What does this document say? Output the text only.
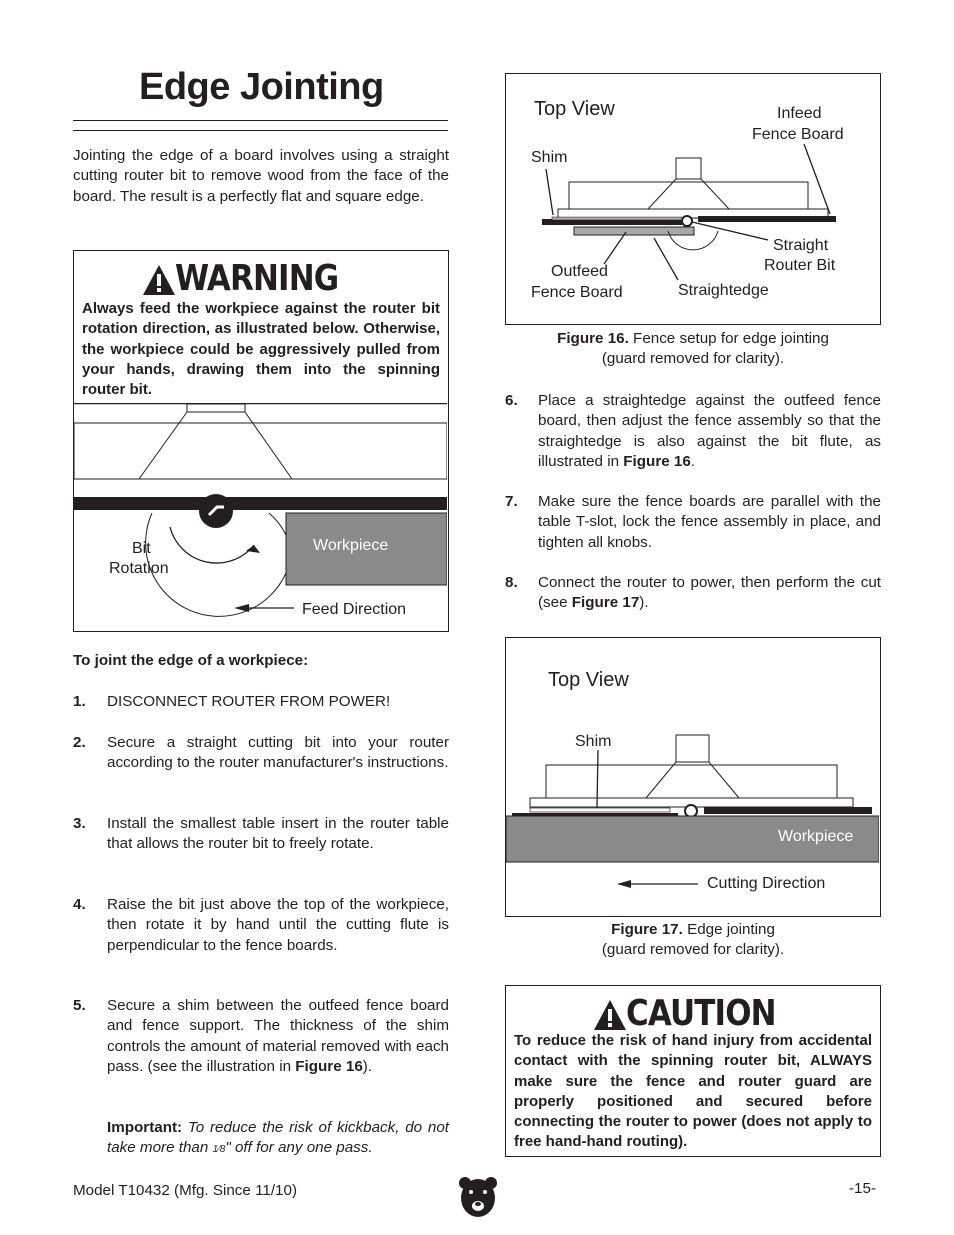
Edge Jointing
Jointing the edge of a board involves using a straight cutting router bit to remove wood from the face of the board. The result is a perfectly flat and square edge.
WARNING
Always feed the workpiece against the router bit rotation direction, as illustrated below. Otherwise, the workpiece could be aggressively pulled from your hands, drawing them into the spinning router bit.
Workpiece
Bit
Rotation
Feed Direction
To joint the edge of a workpiece:
1. DISCONNECT ROUTER FROM POWER!
2. Secure a straight cutting bit into your router according to the router manufacturer's instructions.
3. Install the smallest table insert in the router table that allows the router bit to freely rotate.
4. Raise the bit just above the top of the workpiece, then rotate it by hand until the cutting flute is perpendicular to the fence boards.
5. Secure a shim between the outfeed fence board and fence support. The thickness of the shim controls the amount of material removed with each pass. (see the illustration in Figure 16).
Important: To reduce the risk of kickback, do not take more than 1⁄8" off for any one pass.
Top View	Infeed
Fence Board
Shim
Straight
Router Bit
Outfeed
Fence Board	Straightedge
Figure 16. Fence setup for edge jointing
(guard removed for clarity).
6. Place a straightedge against the outfeed fence board, then adjust the fence assembly so that the straightedge is also against the bit flute, as illustrated in Figure 16.
7. Make sure the fence boards are parallel with the table T-slot, lock the fence assembly in place, and tighten all knobs.
8. Connect the router to power, then perform the cut (see Figure 17).
Top View
Shim
Workpiece
Cutting Direction
Figure 17. Edge jointing
(guard removed for clarity).
CAUTION
To reduce the risk of hand injury from accidental contact with the spinning router bit, ALWAYS make sure the fence and router guard are properly positioned and secured before connecting the router to power (does not apply to free hand-hand routing).
Model T10432 (Mfg. Since 11/10)	-15-
